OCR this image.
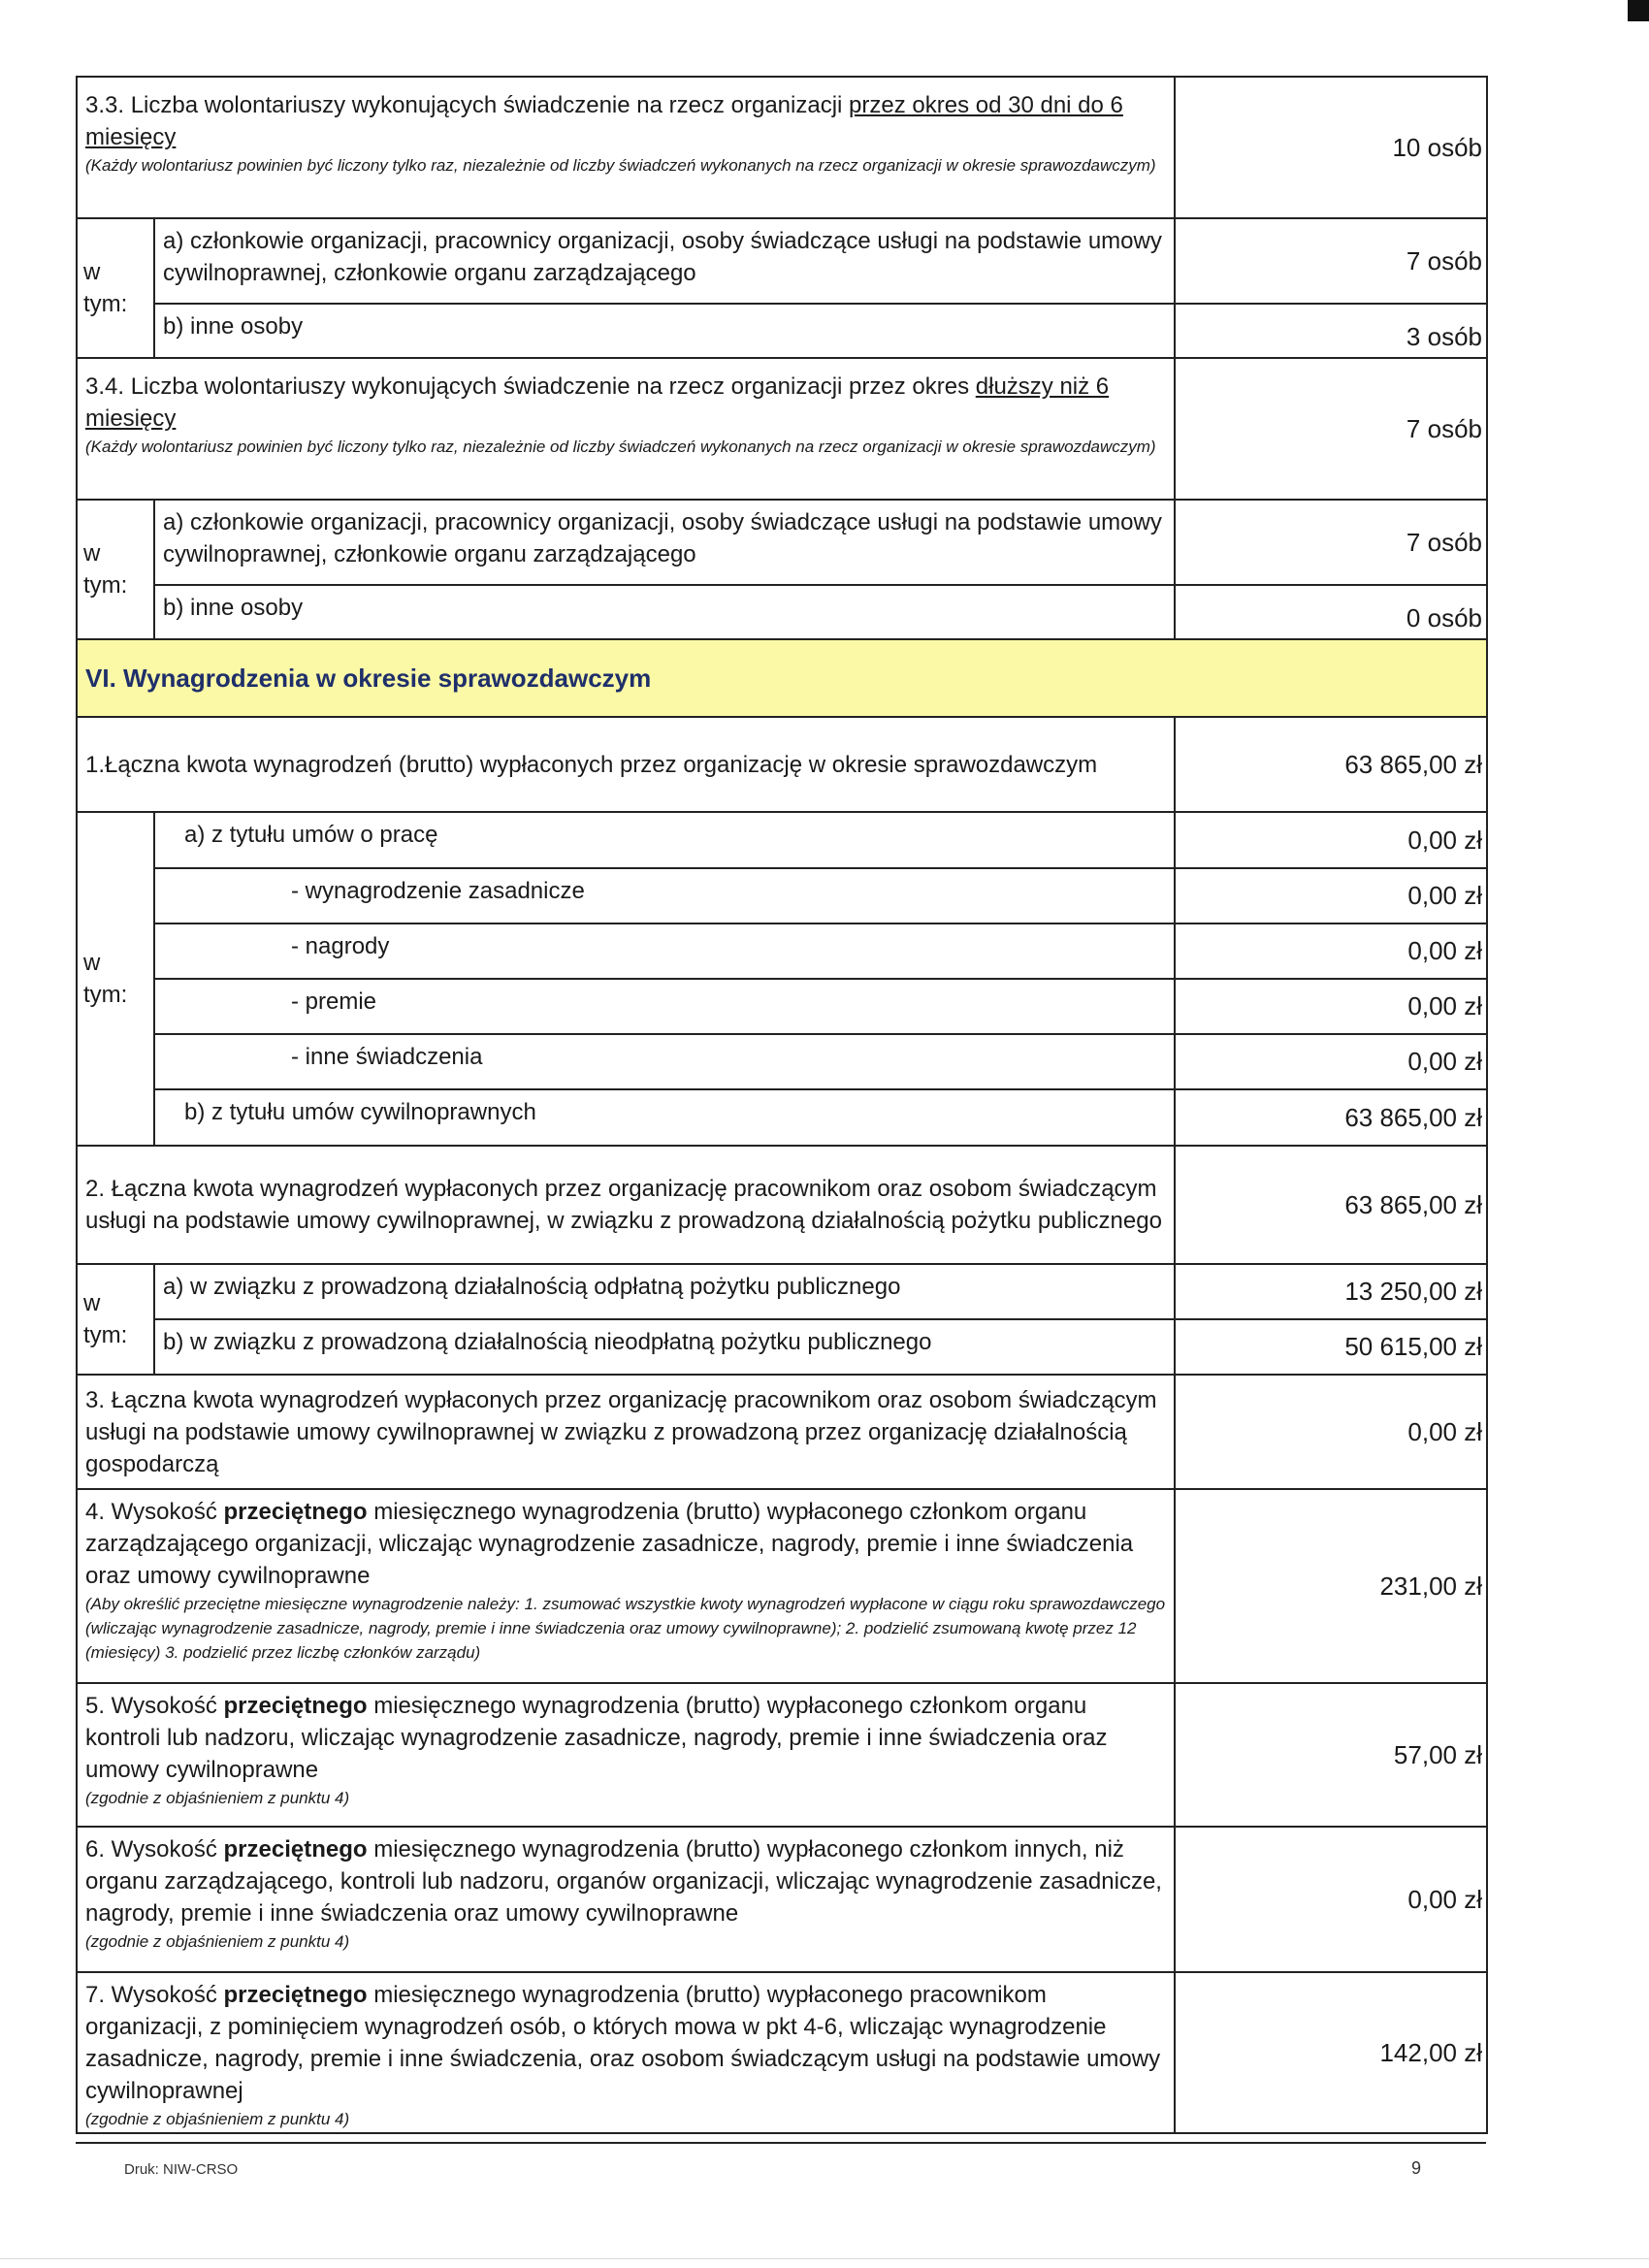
3.3. Liczba wolontariuszy wykonujących świadczenie na rzecz organizacji przez okres od 30 dni do 6 miesięcy
(Każdy wolontariusz powinien być liczony tylko raz, niezależnie od liczby świadczeń wykonanych na rzecz organizacji w okresie sprawozdawczym)
10 osób
w
tym:
a) członkowie organizacji, pracownicy organizacji, osoby świadczące usługi na podstawie umowy cywilnoprawnej, członkowie organu zarządzającego	7 osób
b) inne osoby	3 osób
3.4. Liczba wolontariuszy wykonujących świadczenie na rzecz organizacji przez okres dłuższy niż 6 miesięcy
(Każdy wolontariusz powinien być liczony tylko raz, niezależnie od liczby świadczeń wykonanych na rzecz organizacji w okresie sprawozdawczym)
7 osób
w
tym:
a) członkowie organizacji, pracownicy organizacji, osoby świadczące usługi na podstawie umowy cywilnoprawnej, członkowie organu zarządzającego	7 osób
b) inne osoby	0 osób
VI. Wynagrodzenia w okresie sprawozdawczym
1.Łączna kwota wynagrodzeń (brutto) wypłaconych przez organizację w okresie sprawozdawczym	63 865,00 zł
w
tym:
a) z tytułu umów o pracę	0,00 zł
- wynagrodzenie zasadnicze	0,00 zł
- nagrody	0,00 zł
- premie	0,00 zł
- inne świadczenia	0,00 zł
b) z tytułu umów cywilnoprawnych	63 865,00 zł
2. Łączna kwota wynagrodzeń wypłaconych przez organizację pracownikom oraz osobom świadczącym usługi na podstawie umowy cywilnoprawnej, w związku z prowadzoną działalnością pożytku publicznego
63 865,00 zł
w
tym:
a) w związku z prowadzoną działalnością odpłatną pożytku publicznego	13 250,00 zł
b) w związku z prowadzoną działalnością nieodpłatną pożytku publicznego	50 615,00 zł
3. Łączna kwota wynagrodzeń wypłaconych przez organizację pracownikom oraz osobom świadczącym usługi na podstawie umowy cywilnoprawnej w związku z prowadzoną przez organizację działalnością gospodarczą
0,00 zł
4. Wysokość przeciętnego miesięcznego wynagrodzenia (brutto) wypłaconego członkom organu zarządzającego organizacji, wliczając wynagrodzenie zasadnicze, nagrody, premie i inne świadczenia oraz umowy cywilnoprawne
(Aby określić przeciętne miesięczne wynagrodzenie należy: 1. zsumować wszystkie kwoty wynagrodzeń wypłacone w ciągu roku sprawozdawczego (wliczając wynagrodzenie zasadnicze, nagrody, premie i inne świadczenia oraz umowy cywilnoprawne); 2. podzielić zsumowaną kwotę przez 12 (miesięcy) 3. podzielić przez liczbę członków zarządu)
231,00 zł
5. Wysokość przeciętnego miesięcznego wynagrodzenia (brutto) wypłaconego członkom organu kontroli lub nadzoru, wliczając wynagrodzenie zasadnicze, nagrody, premie i inne świadczenia oraz umowy cywilnoprawne
(zgodnie z objaśnieniem z punktu 4)
57,00 zł
6. Wysokość przeciętnego miesięcznego wynagrodzenia (brutto) wypłaconego członkom innych, niż organu zarządzającego, kontroli lub nadzoru, organów organizacji, wliczając wynagrodzenie zasadnicze, nagrody, premie i inne świadczenia oraz umowy cywilnoprawne
(zgodnie z objaśnieniem z punktu 4)
0,00 zł
7. Wysokość przeciętnego miesięcznego wynagrodzenia (brutto) wypłaconego pracownikom organizacji, z pominięciem wynagrodzeń osób, o których mowa w pkt 4-6, wliczając wynagrodzenie zasadnicze, nagrody, premie i inne świadczenia, oraz osobom świadczącym usługi na podstawie umowy cywilnoprawnej
(zgodnie z objaśnieniem z punktu 4)
142,00 zł
Druk: NIW-CRSO	9
